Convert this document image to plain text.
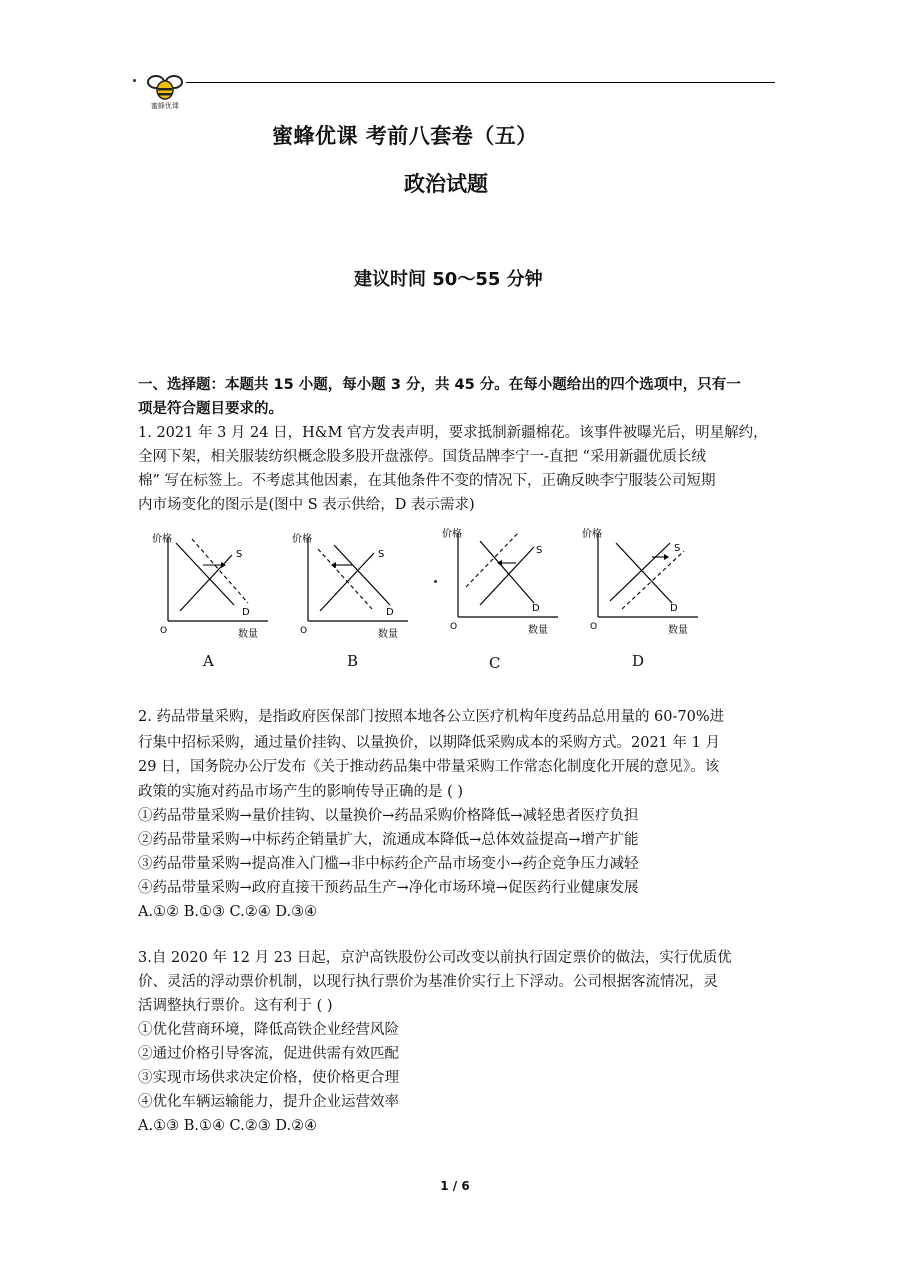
蜜蜂优课
蜜蜂优课 考前八套卷（五）
政治试题
建议时间 50～55 分钟
一、选择题：本题共 15 小题，每小题 3 分，共 45 分。在每小题给出的四个选项中，只有一
项是符合题目要求的。
1. 2021 年 3 月 24 日，H&M 官方发表声明，要求抵制新疆棉花。该事件被曝光后，明星解约，
全网下架，相关服装纺织概念股多股开盘涨停。国货品牌李宁一-直把 “采用新疆优质长绒
棉” 写在标签上。不考虑其他因素，在其他条件不变的情况下，正确反映李宁服装公司短期
内市场变化的图示是(图中 S 表示供给，D 表示需求)
价格
数量
O
S
D
A
价格
数量
O
S
D
B
价格
数量
O
S
D
C
价格
数量
O
S
D
D
2. 药品带量采购，是指政府医保部门按照本地各公立医疗机构年度药品总用量的 60-70%进
行集中招标采购，通过量价挂钩、以量换价，以期降低采购成本的采购方式。2021 年 1 月
29 日，国务院办公厅发布《关于推动药品集中带量采购工作常态化制度化开展的意见》。该
政策的实施对药品市场产生的影响传导正确的是 ( )
①药品带量采购→量价挂钩、以量换价→药品采购价格降低→减轻患者医疗负担
②药品带量采购→中标药企销量扩大，流通成本降低→总体效益提高→增产扩能
③药品带量采购→提高准入门槛→非中标药企产品市场变小→药企竞争压力减轻
④药品带量采购→政府直接干预药品生产→净化市场环境→促医药行业健康发展
A.①② B.①③ C.②④ D.③④
3.自 2020 年 12 月 23 日起，京沪高铁股份公司改变以前执行固定票价的做法，实行优质优
价、灵活的浮动票价机制，以现行执行票价为基准价实行上下浮动。公司根据客流情况，灵
活调整执行票价。这有利于 ( )
①优化营商环境，降低高铁企业经营风险
②通过价格引导客流，促进供需有效匹配
③实现市场供求决定价格，使价格更合理
④优化车辆运输能力，提升企业运营效率
A.①③ B.①④ C.②③ D.②④
1 / 6
